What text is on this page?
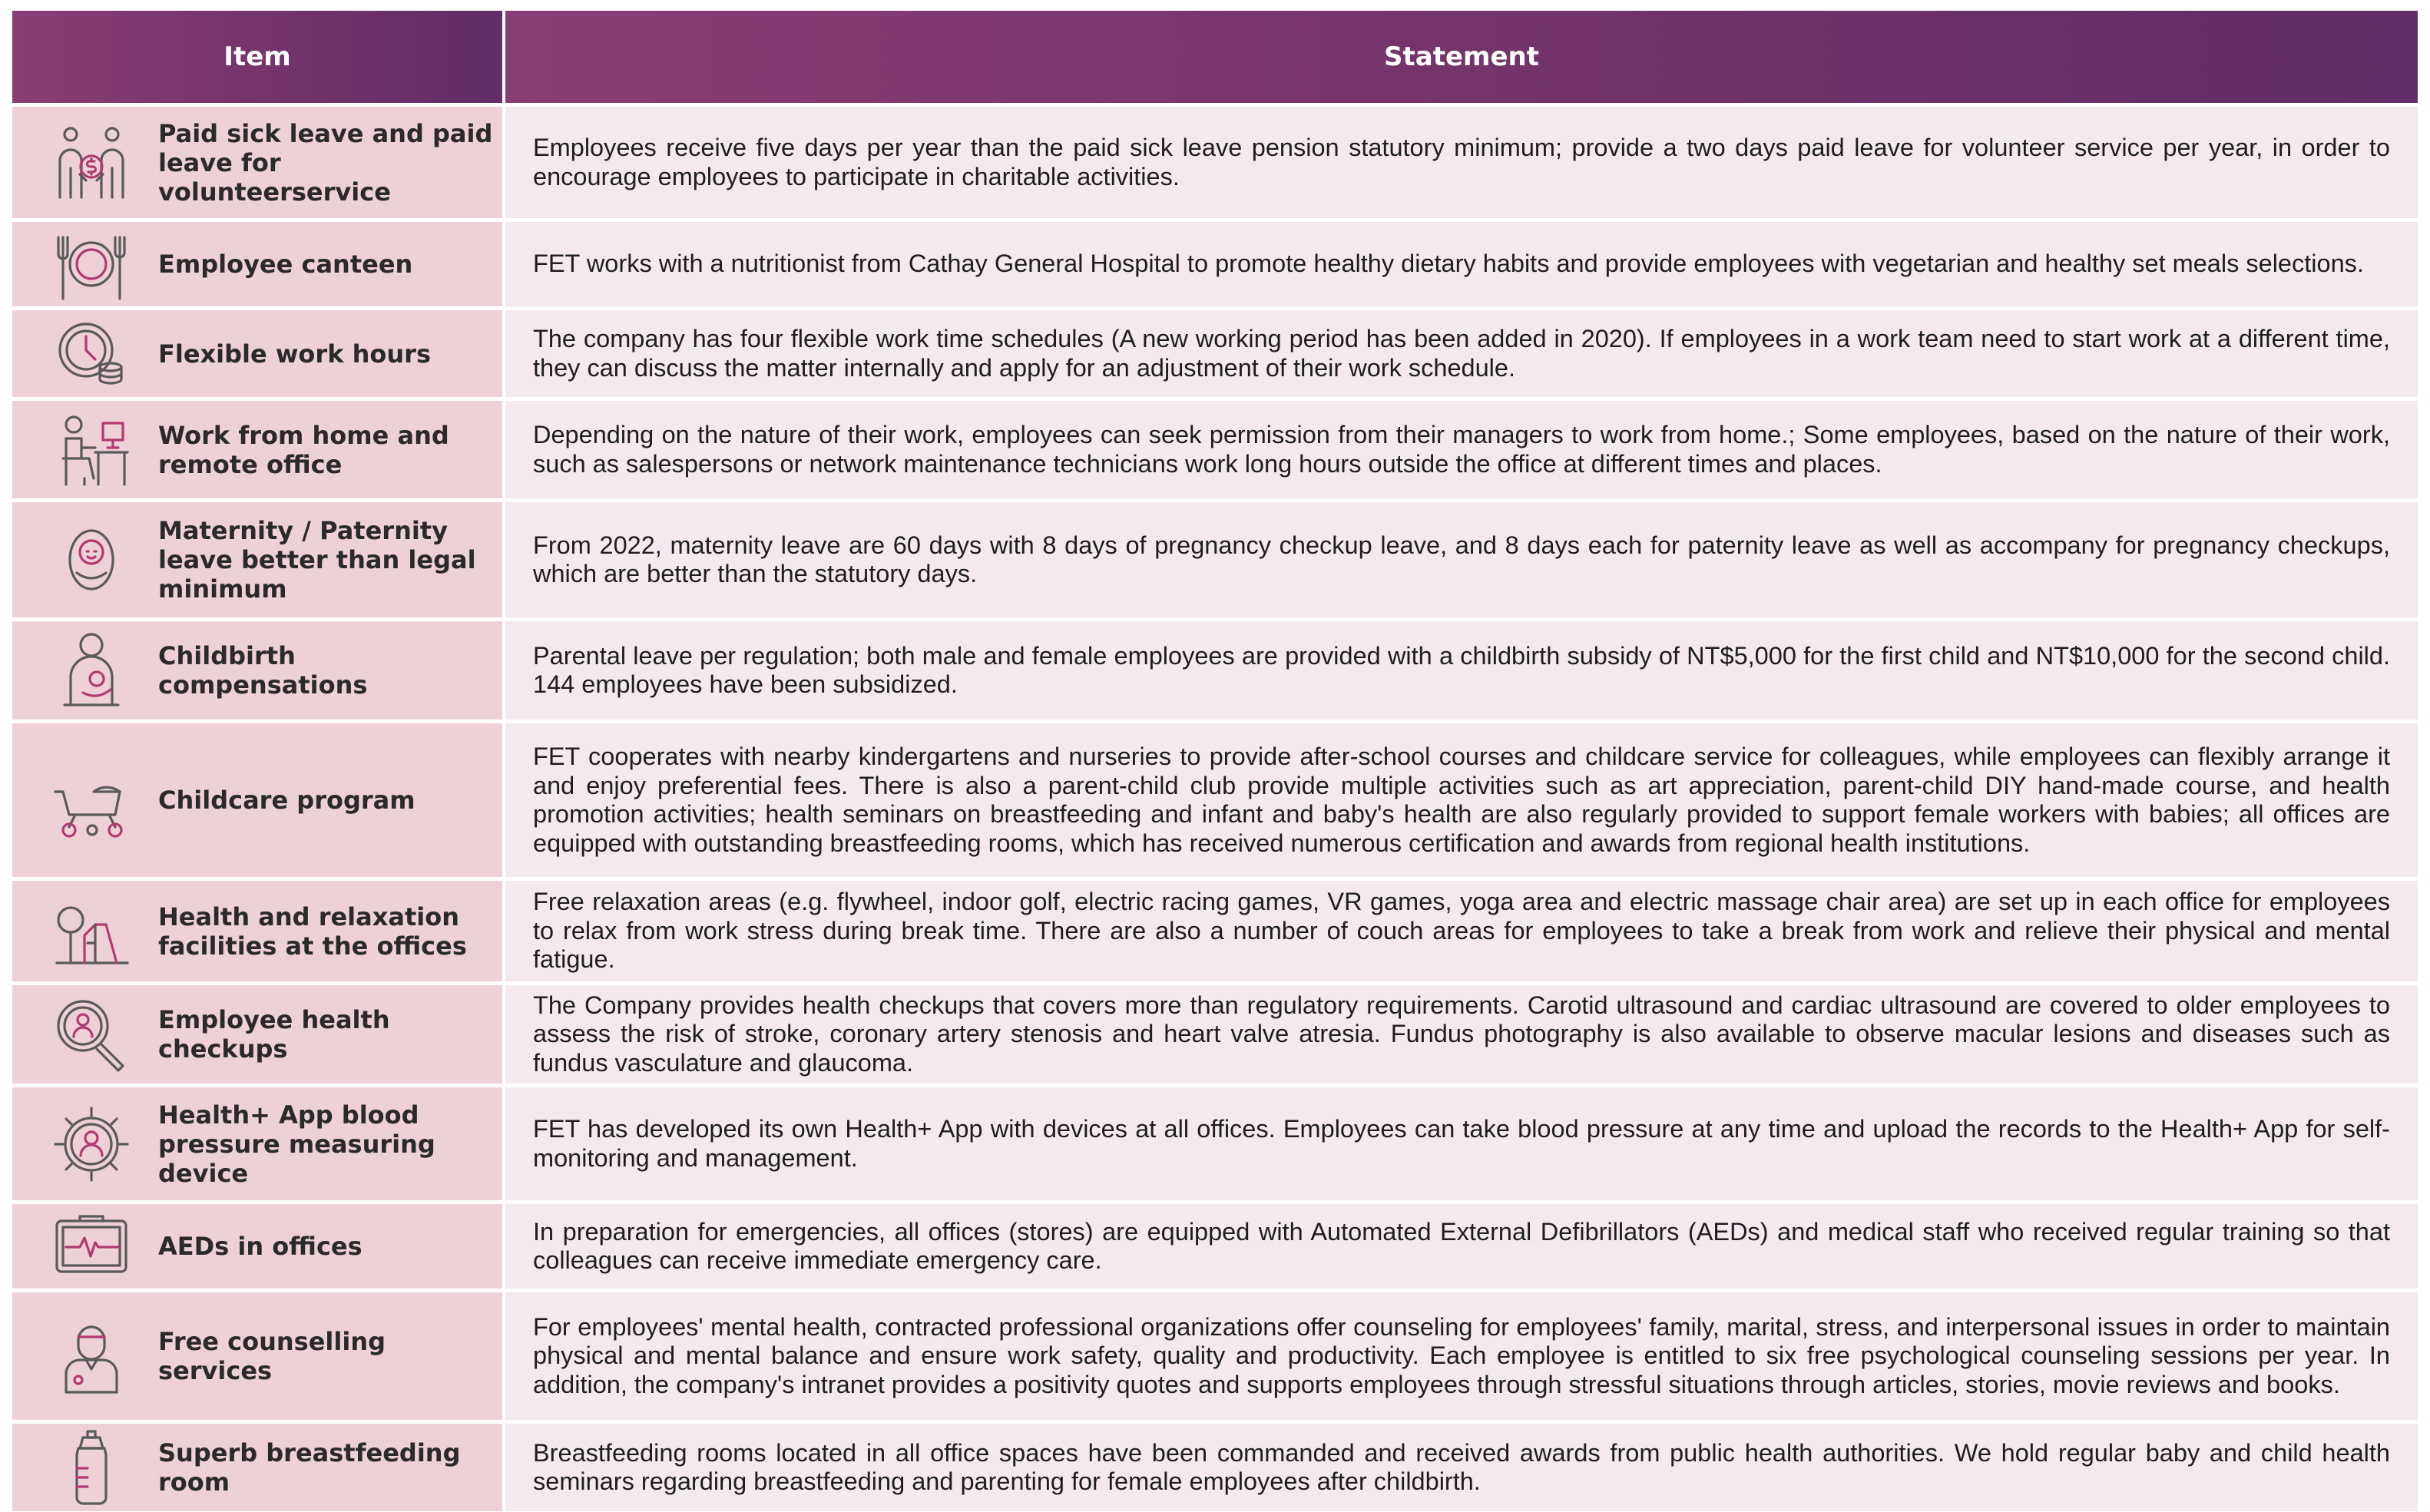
Item	Statement

Paid sick leave and paid leave for volunteerservice	Employees receive five days per year than the paid sick leave pension statutory minimum; provide a two days paid leave for volunteer service per year, in order to encourage employees to participate in charitable activities.

Employee canteen	FET works with a nutritionist from Cathay General Hospital to promote healthy dietary habits and provide employees with vegetarian and healthy set meals selections.

Flexible work hours	The company has four flexible work time schedules (A new working period has been added in 2020). If employees in a work team need to start work at a different time, they can discuss the matter internally and apply for an adjustment of their work schedule.

Work from home and remote office	Depending on the nature of their work, employees can seek permission from their managers to work from home.; Some employees, based on the nature of their work, such as salespersons or network maintenance technicians work long hours outside the office at different times and places.

Maternity / Paternity leave better than legal minimum	From 2022, maternity leave are 60 days with 8 days of pregnancy checkup leave, and 8 days each for paternity leave as well as accompany for pregnancy checkups, which are better than the statutory days.

Childbirth compensations	Parental leave per regulation; both male and female employees are provided with a childbirth subsidy of NT$5,000 for the first child and NT$10,000 for the second child. 144 employees have been subsidized.

Childcare program	FET cooperates with nearby kindergartens and nurseries to provide after-school courses and childcare service for colleagues, while employees can flexibly arrange it and enjoy preferential fees. There is also a parent-child club provide multiple activities such as art appreciation, parent-child DIY hand-made course, and health promotion activities; health seminars on breastfeeding and infant and baby's health are also regularly provided to support female workers with babies; all offices are equipped with outstanding breastfeeding rooms, which has received numerous certification and awards from regional health institutions.

Health and relaxation facilities at the offices	Free relaxation areas (e.g. flywheel, indoor golf, electric racing games, VR games, yoga area and electric massage chair area) are set up in each office for employees to relax from work stress during break time. There are also a number of couch areas for employees to take a break from work and relieve their physical and mental fatigue.

Employee health checkups	The Company provides health checkups that covers more than regulatory requirements. Carotid ultrasound and cardiac ultrasound are covered to older employees to assess the risk of stroke, coronary artery stenosis and heart valve atresia. Fundus photography is also available to observe macular lesions and diseases such as fundus vasculature and glaucoma.

Health+ App blood pressure measuring device	FET has developed its own Health+ App with devices at all offices. Employees can take blood pressure at any time and upload the records to the Health+ App for self-monitoring and management.

AEDs in offices	In preparation for emergencies, all offices (stores) are equipped with Automated External Defibrillators (AEDs) and medical staff who received regular training so that colleagues can receive immediate emergency care.

Free counselling services	For employees' mental health, contracted professional organizations offer counseling for employees' family, marital, stress, and interpersonal issues in order to maintain physical and mental balance and ensure work safety, quality and productivity. Each employee is entitled to six free psychological counseling sessions per year. In addition, the company's intranet provides a positivity quotes and supports employees through stressful situations through articles, stories, movie reviews and books.

Superb breastfeeding room	Breastfeeding rooms located in all office spaces have been commanded and received awards from public health authorities. We hold regular baby and child health seminars regarding breastfeeding and parenting for female employees after childbirth.
